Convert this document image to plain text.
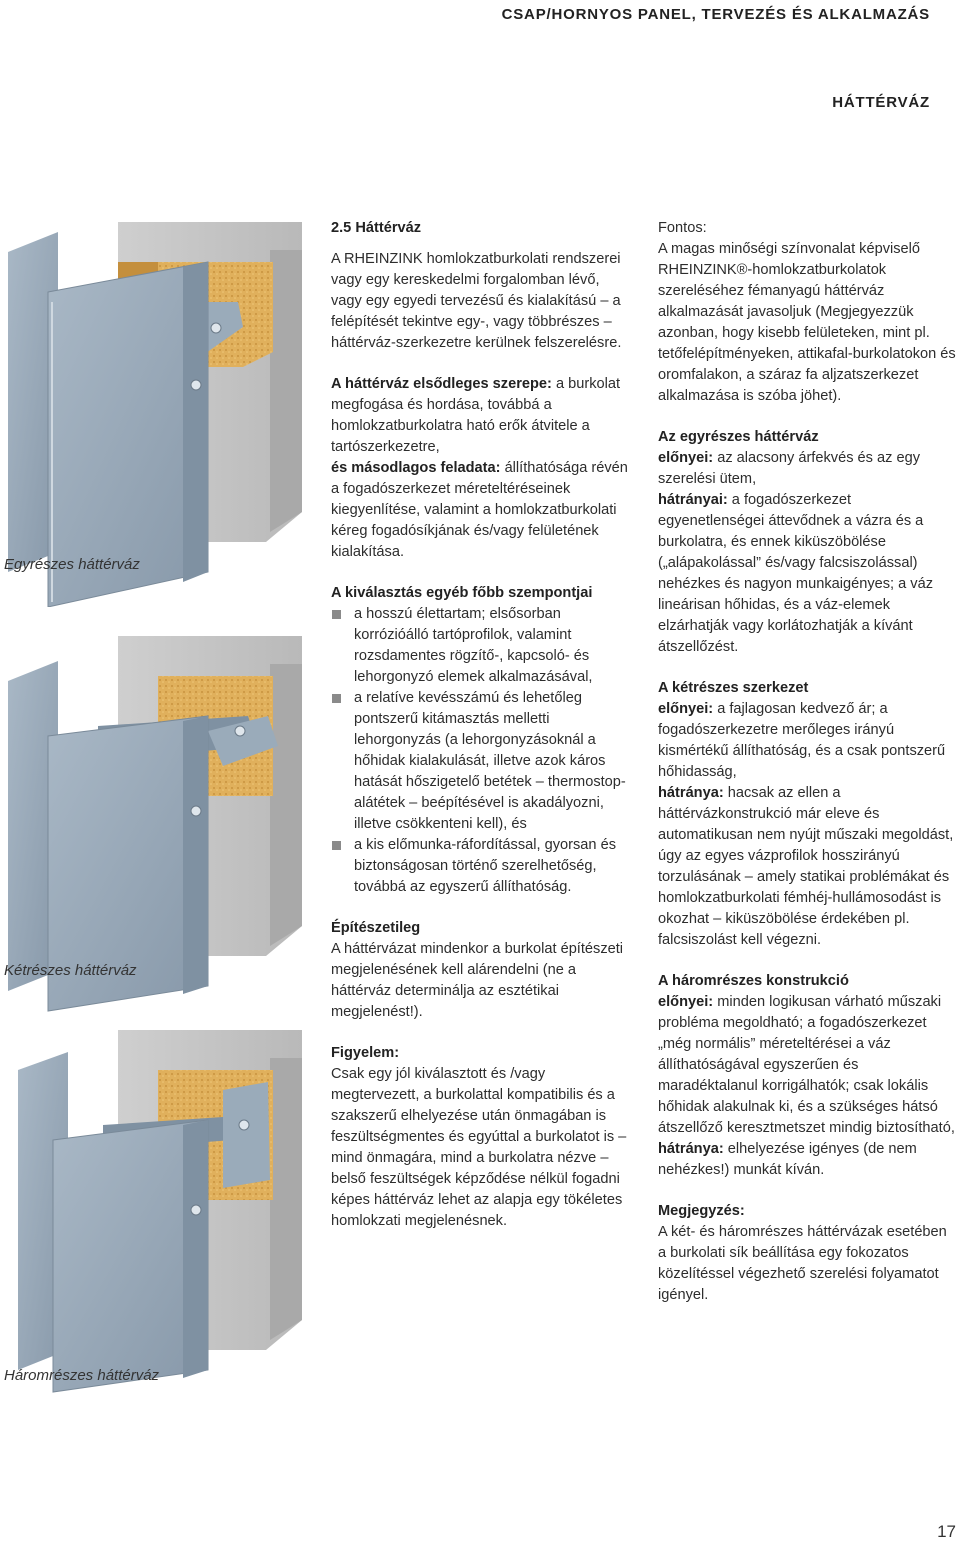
CSAP/HORNYOS PANEL, TERVEZÉS ÉS ALKALMAZÁS
HÁTTÉRVÁZ
Egyrészes háttérváz
Kétrészes háttérváz
Háromrészes háttérváz

2.5 Háttérváz

A RHEINZINK homlokzatburkolati rendszerei vagy egy kereskedelmi forgalomban lévő, vagy egy egyedi tervezésű és kialakítású – a felépítését tekintve egy-, vagy többrészes – háttérváz-szerkezetre kerülnek felszerelésre.

A háttérváz elsődleges szerepe: a burkolat megfogása és hordása, továbbá a homlokzatburkolatra ható erők átvitele a tartószerkezetre,

és másodlagos feladata: állíthatósága révén a fogadószerkezet méreteltéréseinek kiegyenlítése, valamint a homlokzatburkolati kéreg fogadósíkjának és/vagy felületének kialakítása.

A kiválasztás egyéb főbb szempontjai

a hosszú élettartam; elsősorban korrózióálló tartóprofilok, valamint rozsdamentes rögzítő-, kapcsoló- és lehorgonyzó elemek alkalmazásával,

a relatíve kevésszámú és lehetőleg pontszerű kitámasztás melletti lehorgonyzás (a lehorgonyzásoknál a hőhidak kialakulását, illetve azok káros hatását hőszigetelő betétek – thermostop-alátétek – beépítésével is akadályozni, illetve csökkenteni kell), és

a kis előmunka-ráfordítással, gyorsan és biztonságosan történő szerelhetőség, továbbá az egyszerű állíthatóság.

Építészetileg

A háttérvázat mindenkor a burkolat építészeti megjelenésének kell alárendelni (ne a háttérváz determinálja az esztétikai megjelenést!).

Figyelem:

Csak egy jól kiválasztott és /vagy megtervezett, a burkolattal kompatibilis és a szakszerű elhelyezése után önmagában is feszültségmentes és egyúttal a burkolatot is – mind önmagára, mind a burkolatra nézve – belső feszültségek képződése nélkül fogadni képes háttérváz lehet az alapja egy tökéletes homlokzati megjelenésnek.

Fontos:

A magas minőségi színvonalat képviselő RHEINZINK®-homlokzatburkolatok szereléséhez fémanyagú háttérváz alkalmazását javasoljuk (Megjegyezzük azonban, hogy kisebb felületeken, mint pl. tetőfelépítményeken, attikafal-burkolatokon és oromfalakon, a száraz fa aljzatszerkezet alkalmazása is szóba jöhet).

Az egyrészes háttérváz

előnyei: az alacsony árfekvés és az egy szerelési ütem,

hátrányai: a fogadószerkezet egyenetlenségei áttevődnek a vázra és a burkolatra, és ennek kiküszöbölése („alápakolással” és/vagy falcsiszolással) nehézkes és nagyon munkaigényes; a váz lineárisan hőhidas, és a váz-elemek elzárhatják vagy korlátozhatják a kívánt átszellőzést.

A kétrészes szerkezet

előnyei: a fajlagosan kedvező ár; a fogadószerkezetre merőleges irányú kismértékű állíthatóság, és a csak pontszerű hőhidasság,

hátránya: hacsak az ellen a háttérvázkonstrukció már eleve és automatikusan nem nyújt műszaki megoldást, úgy az egyes vázprofilok hosszirányú torzulásának – amely statikai problémákat és homlokzatburkolati fémhéj-hullámosodást is okozhat – kiküszöbölése érdekében pl. falcsiszolást kell végezni.

A háromrészes konstrukció

előnyei: minden logikusan várható műszaki probléma megoldható; a fogadószerkezet „még normális” méreteltérései a váz állíthatóságával egyszerűen és maradéktalanul korrigálhatók; csak lokális hőhidak alakulnak ki, és a szükséges hátsó átszellőző keresztmetszet mindig biztosítható,

hátránya: elhelyezése igényes (de nem nehézkes!) munkát kíván.

Megjegyzés:

A két- és háromrészes háttérvázak esetében a burkolati sík beállítása egy fokozatos közelítéssel végezhető szerelési folyamatot igényel.

17
